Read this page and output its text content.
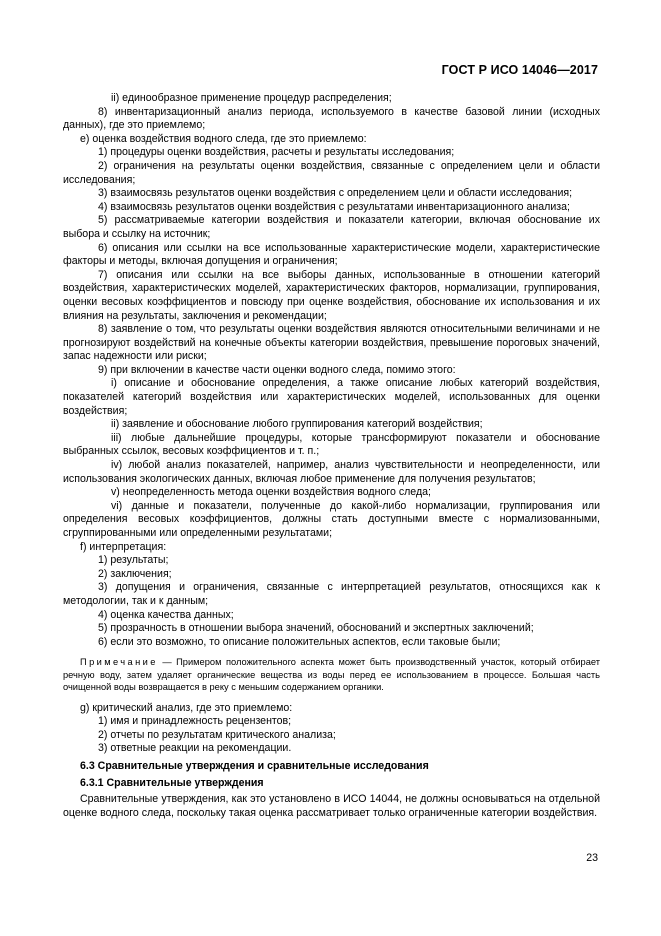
ГОСТ Р ИСО 14046—2017

ii) единообразное применение процедур распределения;

8) инвентаризационный анализ периода, используемого в качестве базовой линии (исходных данных), где это приемлемо;

e) оценка воздействия водного следа, где это приемлемо:

1) процедуры оценки воздействия, расчеты и результаты исследования;

2) ограничения на результаты оценки воздействия, связанные с определением цели и области исследования;

3) взаимосвязь результатов оценки воздействия с определением цели и области исследования;

4) взаимосвязь результатов оценки воздействия с результатами инвентаризационного анализа;

5) рассматриваемые категории воздействия и показатели категории, включая обоснование их выбора и ссылку на источник;

6) описания или ссылки на все использованные характеристические модели, характеристические факторы и методы, включая допущения и ограничения;

7) описания или ссылки на все выборы данных, использованные в отношении категорий воздействия, характеристических моделей, характеристических факторов, нормализации, группирования, оценки весовых коэффициентов и повсюду при оценке воздействия, обоснование их использования и их влияния на результаты, заключения и рекомендации;

8) заявление о том, что результаты оценки воздействия являются относительными величинами и не прогнозируют воздействий на конечные объекты категории воздействия, превышение пороговых значений, запас надежности или риски;

9) при включении в качестве части оценки водного следа, помимо этого:

i) описание и обоснование определения, а также описание любых категорий воздействия, показателей категорий воздействия или характеристических моделей, использованных для оценки воздействия;

ii) заявление и обоснование любого группирования категорий воздействия;

iii) любые дальнейшие процедуры, которые трансформируют показатели и обоснование выбранных ссылок, весовых коэффициентов и т. п.;

iv) любой анализ показателей, например, анализ чувствительности и неопределенности, или использования экологических данных, включая любое применение для получения результатов;

v) неопределенность метода оценки воздействия водного следа;

vi) данные и показатели, полученные до какой-либо нормализации, группирования или определения весовых коэффициентов, должны стать доступными вместе с нормализованными, сгруппированными или определенными результатами;

f) интерпретация:

1) результаты;

2) заключения;

3) допущения и ограничения, связанные с интерпретацией результатов, относящихся как к методологии, так и к данным;

4) оценка качества данных;

5) прозрачность в отношении выбора значений, обоснований и экспертных заключений;

6) если это возможно, то описание положительных аспектов, если таковые были;

Примечание — Примером положительного аспекта может быть производственный участок, который отбирает речную воду, затем удаляет органические вещества из воды перед ее использованием в процессе. Большая часть очищенной воды возвращается в реку с меньшим содержанием органики.

g) критический анализ, где это приемлемо:

1) имя и принадлежность рецензентов;

2) отчеты по результатам критического анализа;

3) ответные реакции на рекомендации.

6.3 Сравнительные утверждения и сравнительные исследования

6.3.1 Сравнительные утверждения

Сравнительные утверждения, как это установлено в ИСО 14044, не должны основываться на отдельной оценке водного следа, поскольку такая оценка рассматривает только ограниченные категории воздействия.

23
